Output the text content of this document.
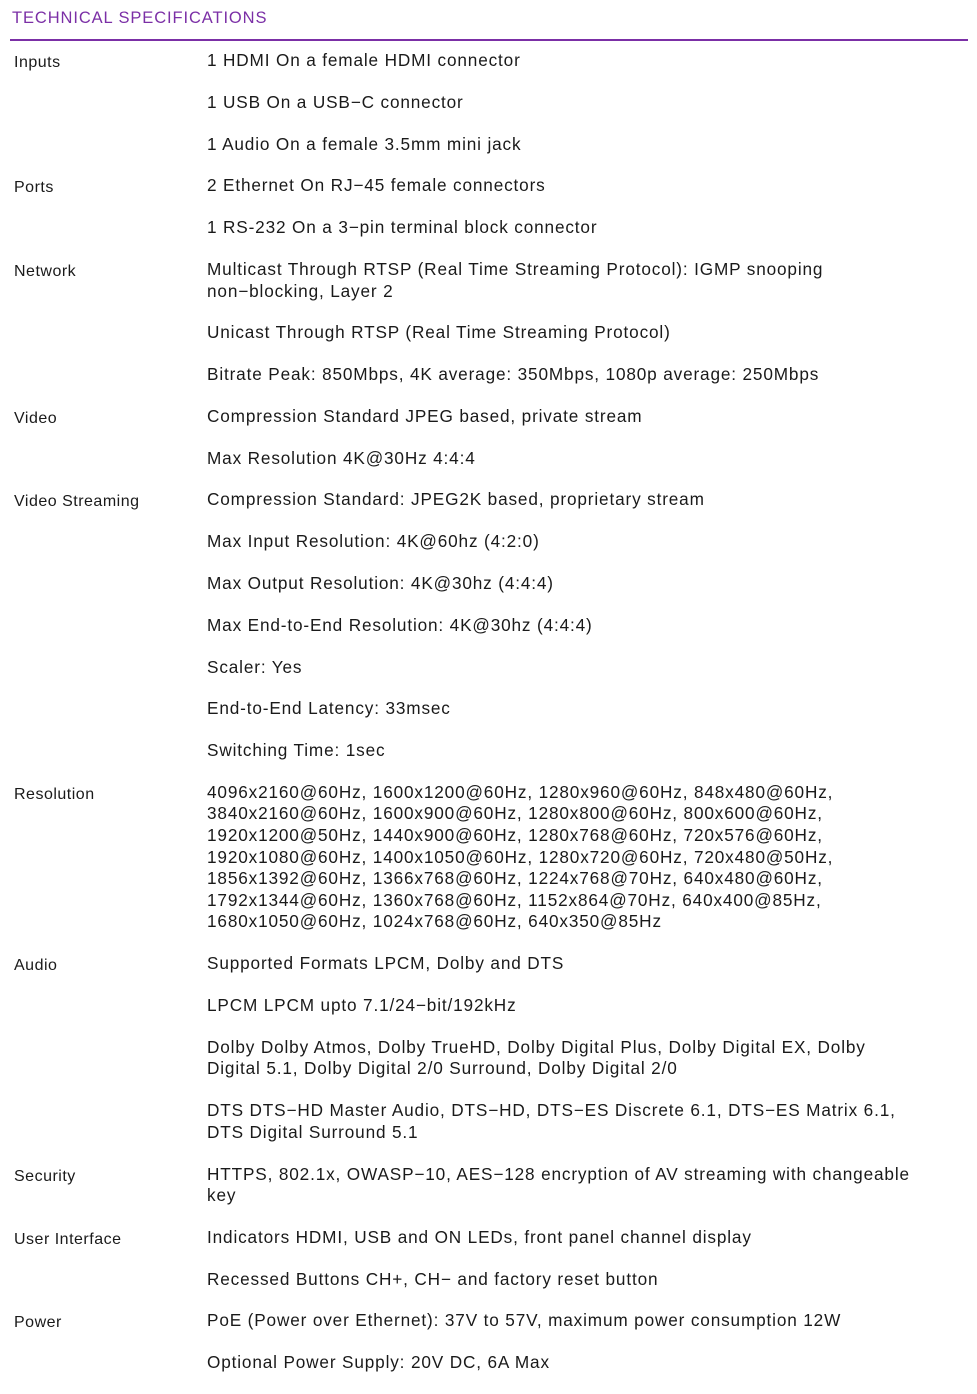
TECHNICAL SPECIFICATIONS
Inputs	1 HDMI On a female HDMI connector
1 USB On a USB−C connector
1 Audio On a female 3.5mm mini jack
Ports	2 Ethernet On RJ−45 female connectors
1 RS-232 On a 3−pin terminal block connector
Network	Multicast Through RTSP (Real Time Streaming Protocol): IGMP snooping
non−blocking, Layer 2
Unicast Through RTSP (Real Time Streaming Protocol)
Bitrate Peak: 850Mbps, 4K average: 350Mbps, 1080p average: 250Mbps
Video	Compression Standard JPEG based, private stream
Max Resolution 4K@30Hz 4:4:4
Video Streaming	Compression Standard: JPEG2K based, proprietary stream
Max Input Resolution: 4K@60hz (4:2:0)
Max Output Resolution: 4K@30hz (4:4:4)
Max End-to-End Resolution: 4K@30hz (4:4:4)
Scaler: Yes
End-to-End Latency: 33msec
Switching Time: 1sec
Resolution	4096x2160@60Hz, 1600x1200@60Hz, 1280x960@60Hz, 848x480@60Hz,
3840x2160@60Hz, 1600x900@60Hz, 1280x800@60Hz, 800x600@60Hz,
1920x1200@50Hz, 1440x900@60Hz, 1280x768@60Hz, 720x576@60Hz,
1920x1080@60Hz, 1400x1050@60Hz, 1280x720@60Hz, 720x480@50Hz,
1856x1392@60Hz, 1366x768@60Hz, 1224x768@70Hz, 640x480@60Hz,
1792x1344@60Hz, 1360x768@60Hz, 1152x864@70Hz, 640x400@85Hz,
1680x1050@60Hz, 1024x768@60Hz, 640x350@85Hz
Audio	Supported Formats LPCM, Dolby and DTS
LPCM LPCM upto 7.1/24−bit/192kHz
Dolby Dolby Atmos, Dolby TrueHD, Dolby Digital Plus, Dolby Digital EX, Dolby
Digital 5.1, Dolby Digital 2/0 Surround, Dolby Digital 2/0
DTS DTS−HD Master Audio, DTS−HD, DTS−ES Discrete 6.1, DTS−ES Matrix 6.1,
DTS Digital Surround 5.1
Security	HTTPS, 802.1x, OWASP−10, AES−128 encryption of AV streaming with changeable
key
User Interface	Indicators HDMI, USB and ON LEDs, front panel channel display
Recessed Buttons CH+, CH− and factory reset button
Power	PoE (Power over Ethernet): 37V to 57V, maximum power consumption 12W
Optional Power Supply: 20V DC, 6A Max
